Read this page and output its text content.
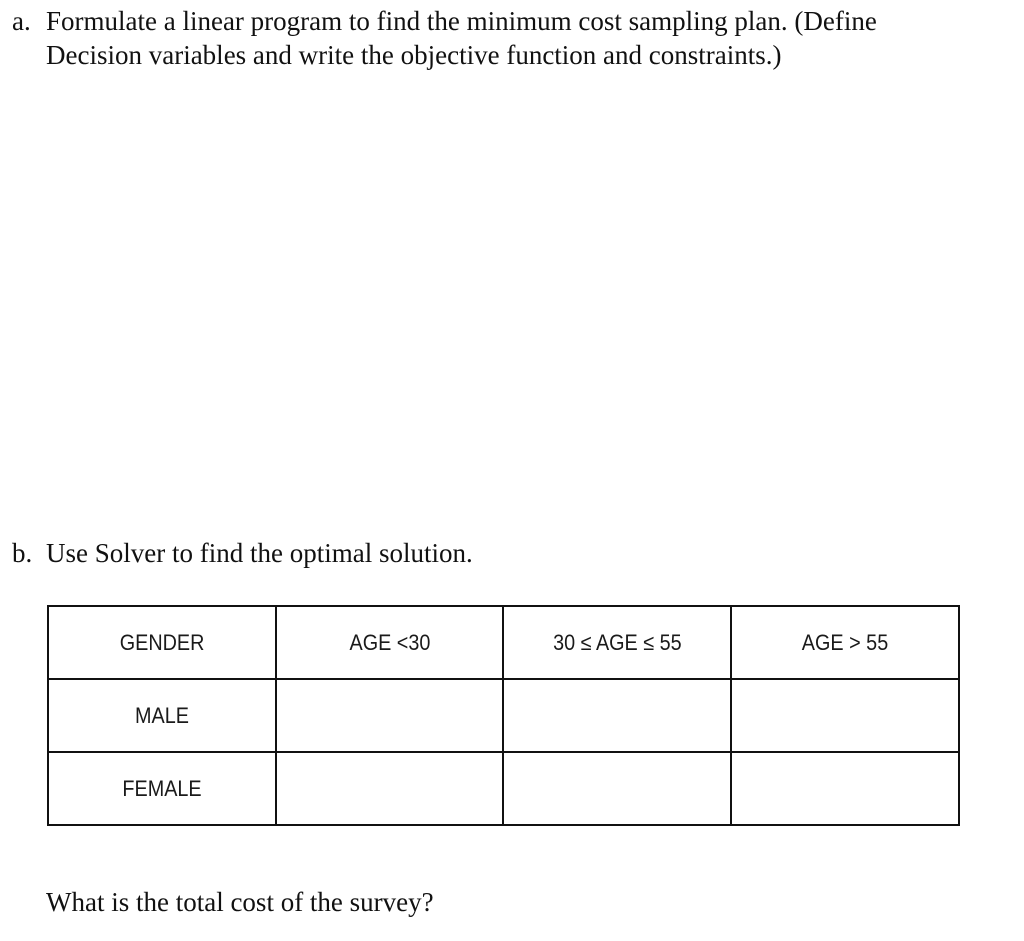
a. Formulate a linear program to find the minimum cost sampling plan. (Define
Decision variables and write the objective function and constraints.)

b. Use Solver to find the optimal solution.

GENDER	AGE <30	30 ≤ AGE ≤ 55	AGE > 55
MALE			
FEMALE			

What is the total cost of the survey?
